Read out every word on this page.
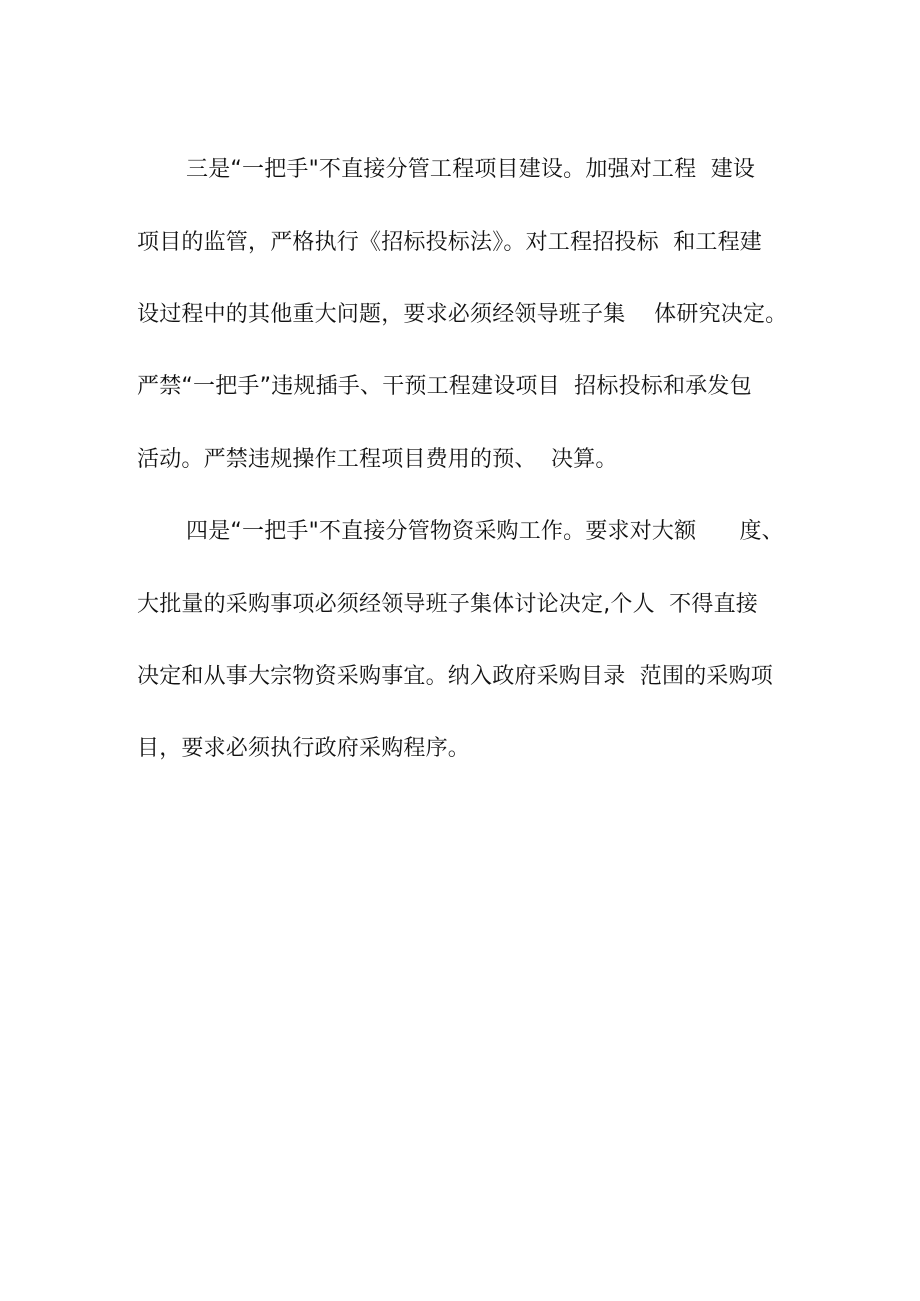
三是“一把手"不直接分管工程项目建设。加强对工程  建设
项目的监管，严格执行《招标投标法》。对工程招投标  和工程建
设过程中的其他重大问题，要求必须经领导班子集    体研究决定。
严禁“一把手”违规插手、干预工程建设项目  招标投标和承发包
活动。严禁违规操作工程项目费用的预、  决算。
四是“一把手"不直接分管物资采购工作。要求对大额      度、
大批量的采购事项必须经领导班子集体讨论决定,个人  不得直接
决定和从事大宗物资采购事宜。纳入政府采购目录  范围的采购项
目，要求必须执行政府采购程序。
